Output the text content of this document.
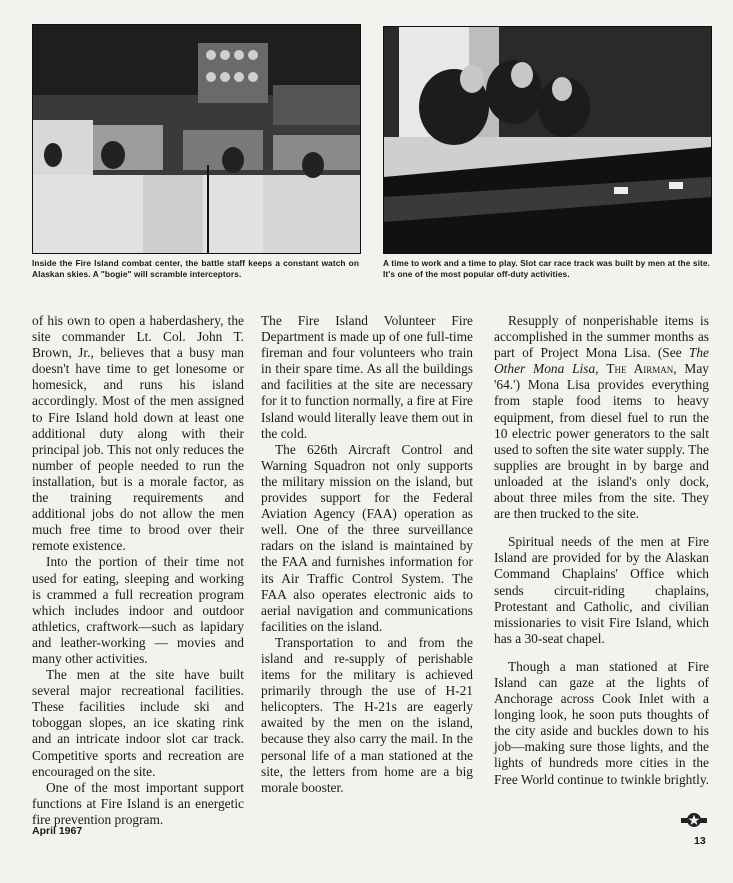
Inside the Fire Island combat center, the battle staff keeps a constant watch on Alaskan skies. A "bogie" will scramble interceptors.
A time to work and a time to play. Slot car race track was built by men at the site. It's one of the most popular off-duty activities.

of his own to open a haberdashery, the site commander Lt. Col. John T. Brown, Jr., believes that a busy man doesn't have time to get lonesome or homesick, and runs his island accordingly. Most of the men assigned to Fire Island hold down at least one additional duty along with their principal job. This not only reduces the number of people needed to run the installation, but is a morale factor, as the training requirements and additional jobs do not allow the men much free time to brood over their remote existence.

Into the portion of their time not used for eating, sleeping and working is crammed a full recreation program which includes indoor and outdoor athletics, craftwork—such as lapidary and leather-working — movies and many other activities.

The men at the site have built several major recreational facilities. These facilities include ski and toboggan slopes, an ice skating rink and an intricate indoor slot car track. Competitive sports and recreation are encouraged on the site.

One of the most important support functions at Fire Island is an energetic fire prevention program.

The Fire Island Volunteer Fire Department is made up of one full-time fireman and four volunteers who train in their spare time. As all the buildings and facilities at the site are necessary for it to function normally, a fire at Fire Island would literally leave them out in the cold.

The 626th Aircraft Control and Warning Squadron not only supports the military mission on the island, but provides support for the Federal Aviation Agency (FAA) operation as well. One of the three surveillance radars on the island is maintained by the FAA and furnishes information for its Air Traffic Control System. The FAA also operates electronic aids to aerial navigation and communications facilities on the island.

Transportation to and from the island and re-supply of perishable items for the military is achieved primarily through the use of H-21 helicopters. The H-21s are eagerly awaited by the men on the island, because they also carry the mail. In the personal life of a man stationed at the site, the letters from home are a big morale booster.

Resupply of nonperishable items is accomplished in the summer months as part of Project Mona Lisa. (See The Other Mona Lisa, The Airman, May '64.') Mona Lisa provides everything from staple food items to heavy equipment, from diesel fuel to run the 10 electric power generators to the salt used to soften the site water supply. The supplies are brought in by barge and unloaded at the island's only dock, about three miles from the site. They are then trucked to the site.

Spiritual needs of the men at Fire Island are provided for by the Alaskan Command Chaplains' Office which sends circuit-riding chaplains, Protestant and Catholic, and civilian missionaries to visit Fire Island, which has a 30-seat chapel.

Though a man stationed at Fire Island can gaze at the lights of Anchorage across Cook Inlet with a longing look, he soon puts thoughts of the city aside and buckles down to his job—making sure those lights, and the lights of hundreds more cities in the Free World continue to twinkle brightly.

April 1967
13
